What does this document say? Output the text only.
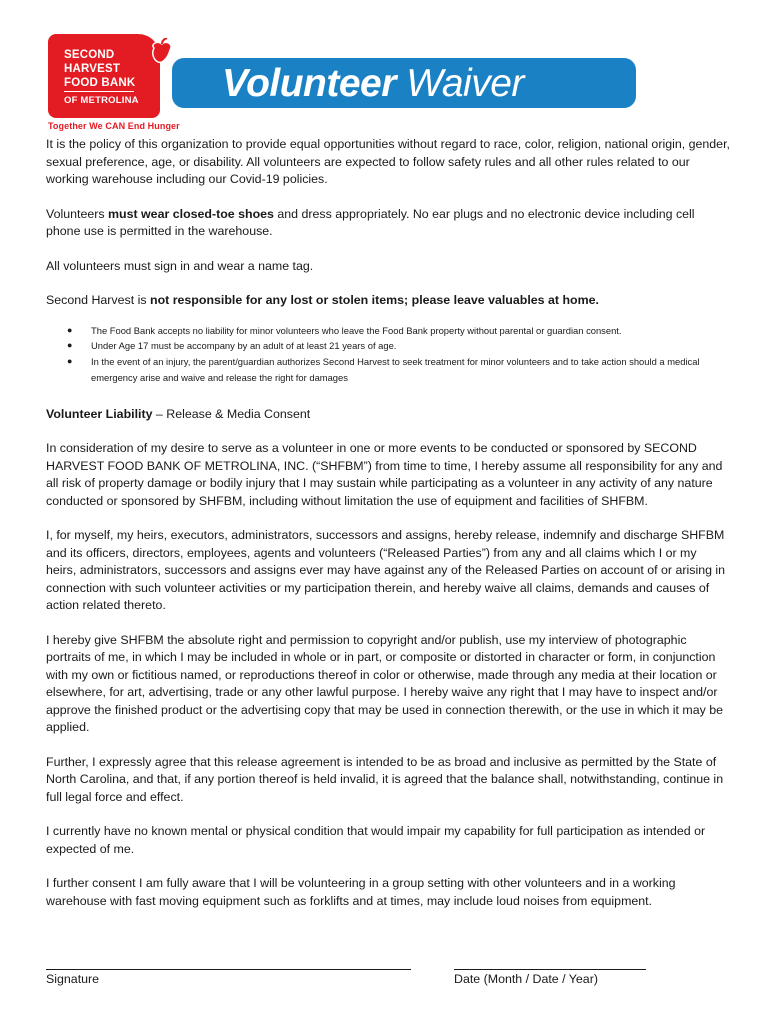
SECOND
HARVEST
FOOD BANK
OF METROLINA
Together We CAN End Hunger
Volunteer Waiver

It is the policy of this organization to provide equal opportunities without regard to race, color, religion, national origin, gender, sexual preference, age, or disability. All volunteers are expected to follow safety rules and all other rules related to our working warehouse including our Covid-19 policies.

Volunteers must wear closed-toe shoes and dress appropriately. No ear plugs and no electronic device including cell phone use is permitted in the warehouse.

All volunteers must sign in and wear a name tag.

Second Harvest is not responsible for any lost or stolen items; please leave valuables at home.

● The Food Bank accepts no liability for minor volunteers who leave the Food Bank property without parental or guardian consent.
● Under Age 17 must be accompany by an adult of at least 21 years of age.
● In the event of an injury, the parent/guardian authorizes Second Harvest to seek treatment for minor volunteers and to take action should a medical emergency arise and waive and release the right for damages

Volunteer Liability – Release & Media Consent

In consideration of my desire to serve as a volunteer in one or more events to be conducted or sponsored by SECOND HARVEST FOOD BANK OF METROLINA, INC. (“SHFBM”) from time to time, I hereby assume all responsibility for any and all risk of property damage or bodily injury that I may sustain while participating as a volunteer in any activity of any nature conducted or sponsored by SHFBM, including without limitation the use of equipment and facilities of SHFBM.

I, for myself, my heirs, executors, administrators, successors and assigns, hereby release, indemnify and discharge SHFBM and its officers, directors, employees, agents and volunteers (“Released Parties”) from any and all claims which I or my heirs, administrators, successors and assigns ever may have against any of the Released Parties on account of or arising in connection with such volunteer activities or my participation therein, and hereby waive all claims, demands and causes of action related thereto.

I hereby give SHFBM the absolute right and permission to copyright and/or publish, use my interview of photographic portraits of me, in which I may be included in whole or in part, or composite or distorted in character or form, in conjunction with my own or fictitious named, or reproductions thereof in color or otherwise, made through any media at their location or elsewhere, for art, advertising, trade or any other lawful purpose. I hereby waive any right that I may have to inspect and/or approve the finished product or the advertising copy that may be used in connection therewith, or the use in which it may be applied.

Further, I expressly agree that this release agreement is intended to be as broad and inclusive as permitted by the State of North Carolina, and that, if any portion thereof is held invalid, it is agreed that the balance shall, notwithstanding, continue in full legal force and effect.

I currently have no known mental or physical condition that would impair my capability for full participation as intended or expected of me.

I further consent I am fully aware that I will be volunteering in a group setting with other volunteers and in a working warehouse with fast moving equipment such as forklifts and at times, may include loud noises from equipment.

Signature	Date (Month / Date / Year)
